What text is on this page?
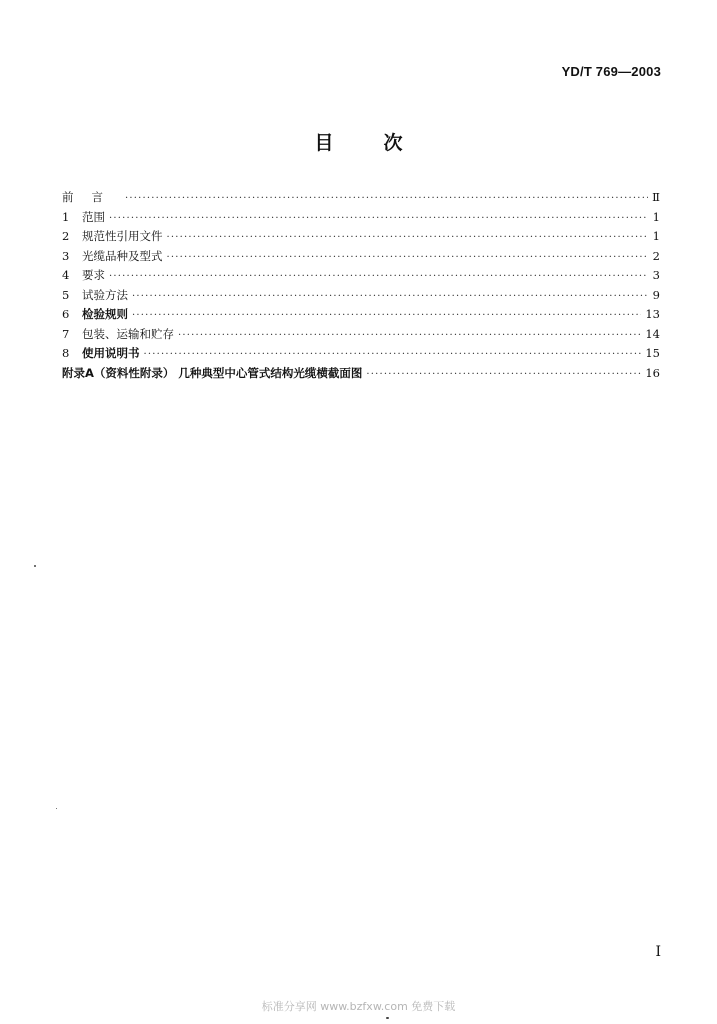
YD/T 769—2003
目次
前言 ·····	Ⅱ
1	范围 ·····	1
2	规范性引用文件 ·····	1
3	光缆品种及型式 ·····	2
4	要求 ·····	3
5	试验方法 ·····	9
6	检验规则 ·····	13
7	包装、运输和贮存 ·····	14
8	使用说明书 ·····	15
附录A（资料性附录） 几种典型中心管式结构光缆横截面图 ·····	16
I
标准分享网 www.bzfxw.com 免费下载
